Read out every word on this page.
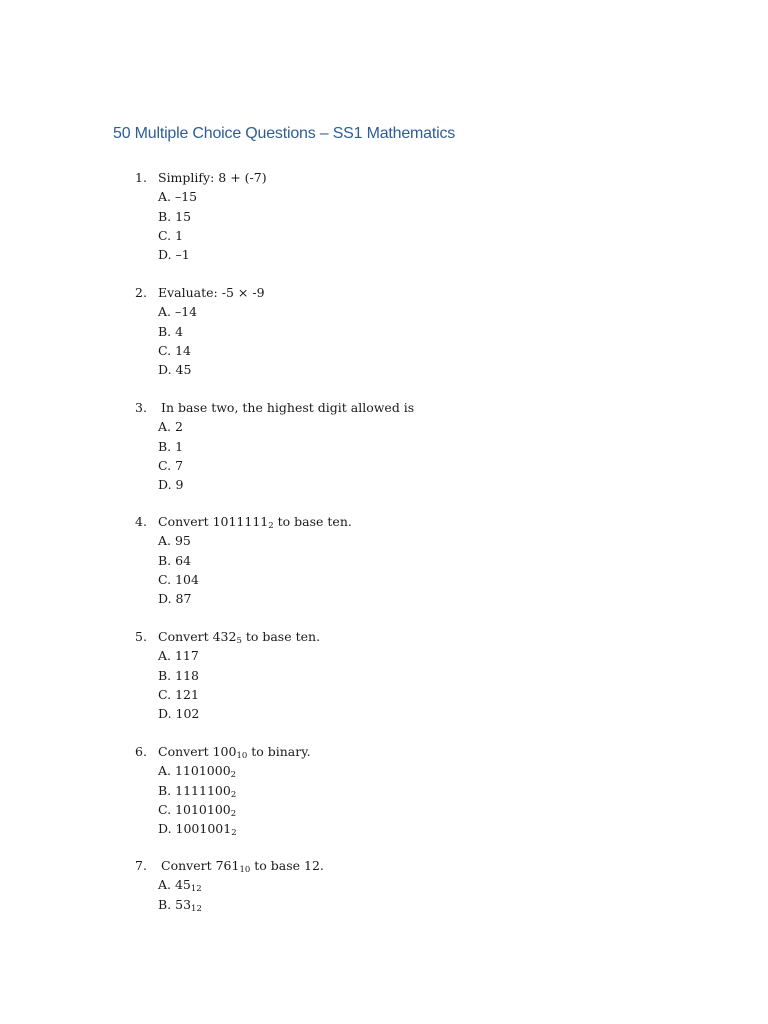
50 Multiple Choice Questions – SS1 Mathematics
1. Simplify: 8 + (-7)
A. –15
B. 15
C. 1
D. –1
2. Evaluate: -5 × -9
A. –14
B. 4
C. 14
D. 45
3. In base two, the highest digit allowed is
A. 2
B. 1
C. 7
D. 9
4. Convert $1011111_2$ to base ten.
A. 95
B. 64
C. 104
D. 87
5. Convert $432_5$ to base ten.
A. 117
B. 118
C. 121
D. 102
6. Convert $100_{10}$ to binary.
A. $1101000_2$
B. $1111100_2$
C. $1010100_2$
D. $1001001_2$
7. Convert $761_{10}$ to base 12.
A. $45_{12}$
B. $53_{12}$
